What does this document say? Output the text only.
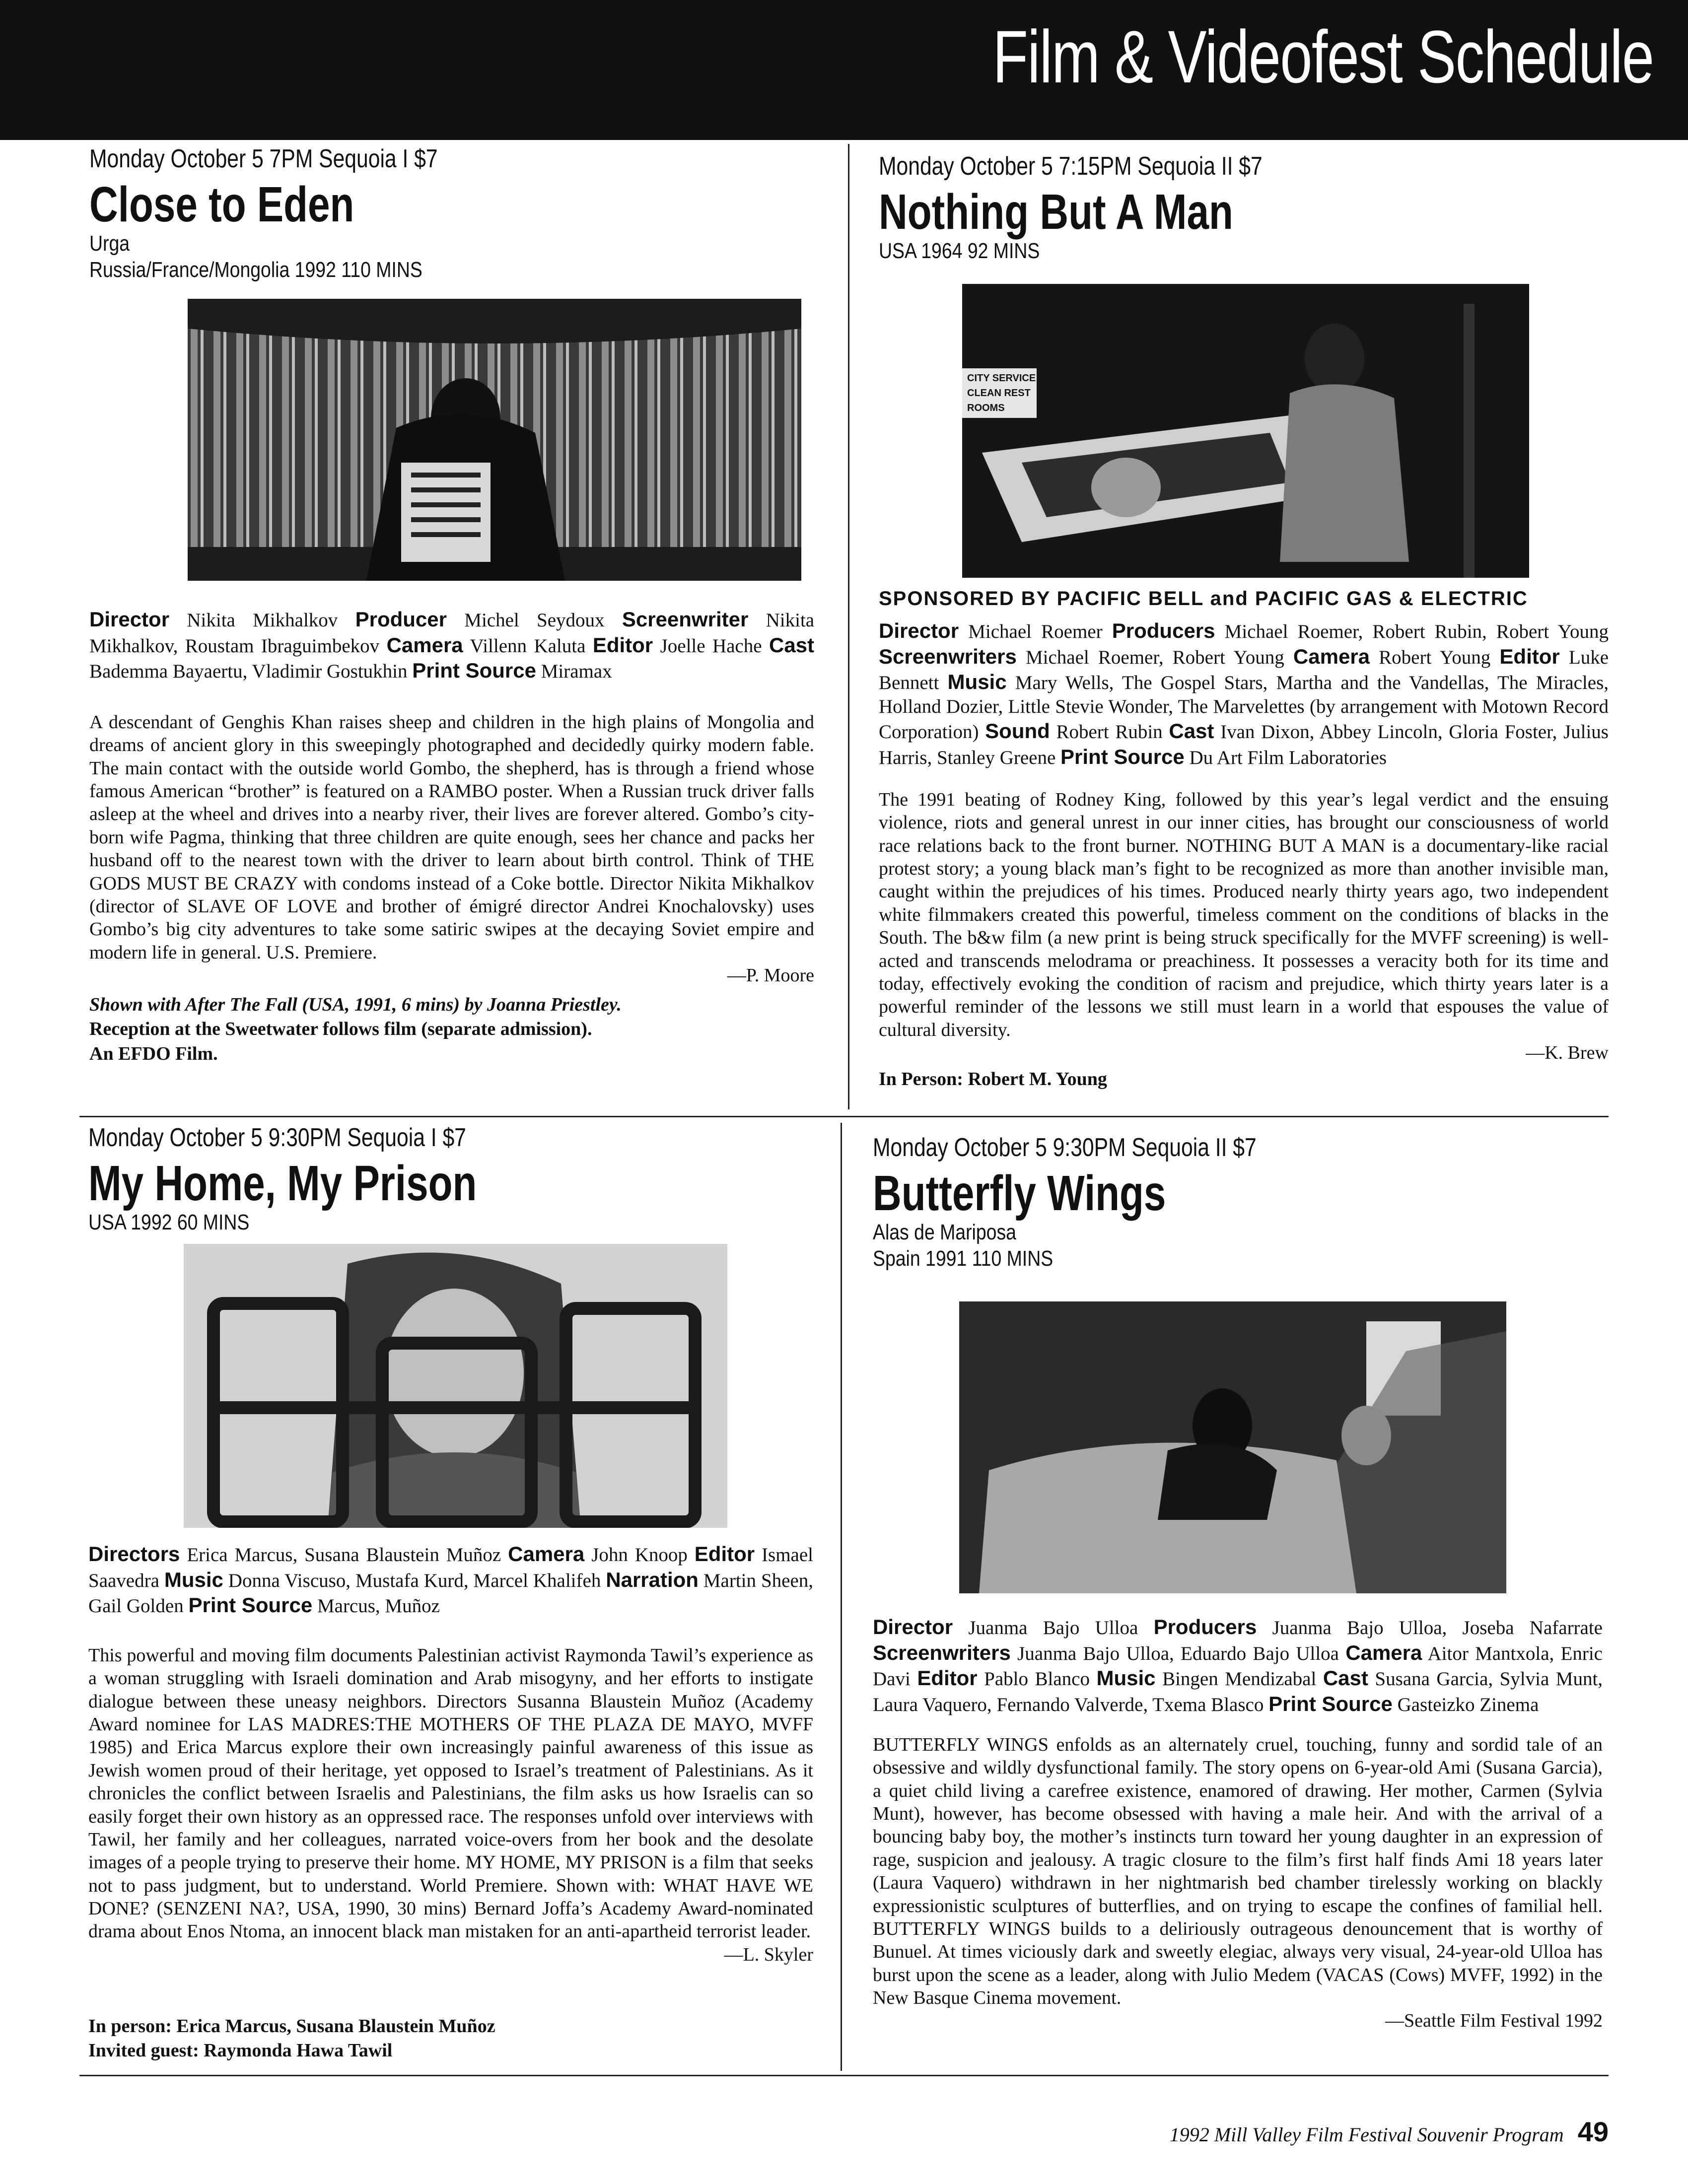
Film & Videofest Schedule
Monday October 5 7PM Sequoia I $7
Close to Eden
Urga
Russia/France/Mongolia 1992 110 MINS
Director Nikita Mikhalkov Producer Michel Seydoux Screenwriter Nikita Mikhalkov, Roustam Ibraguimbekov Camera Villenn Kaluta Editor Joelle Hache Cast Bademma Bayaertu, Vladimir Gostukhin Print Source Miramax
A descendant of Genghis Khan raises sheep and children in the high plains of Mongolia and dreams of ancient glory in this sweepingly photographed and decidedly quirky modern fable. The main contact with the outside world Gombo, the shepherd, has is through a friend whose famous American “brother” is featured on a RAMBO poster. When a Russian truck driver falls asleep at the wheel and drives into a nearby river, their lives are forever altered. Gombo’s city-born wife Pagma, thinking that three children are quite enough, sees her chance and packs her husband off to the nearest town with the driver to learn about birth control. Think of THE GODS MUST BE CRAZY with condoms instead of a Coke bottle. Director Nikita Mikhalkov (director of SLAVE OF LOVE and brother of émigré director Andrei Knochalovsky) uses Gombo’s big city adventures to take some satiric swipes at the decaying Soviet empire and modern life in general. U.S. Premiere.
—P. Moore
Shown with After The Fall (USA, 1991, 6 mins) by Joanna Priestley.
Reception at the Sweetwater follows film (separate admission).
An EFDO Film.
Monday October 5 7:15PM Sequoia II $7
Nothing But A Man
USA 1964 92 MINS
CITY SERVICE CLEAN REST ROOMS
SPONSORED BY PACIFIC BELL and PACIFIC GAS & ELECTRIC
Director Michael Roemer Producers Michael Roemer, Robert Rubin, Robert Young Screenwriters Michael Roemer, Robert Young Camera Robert Young Editor Luke Bennett Music Mary Wells, The Gospel Stars, Martha and the Vandellas, The Miracles, Holland Dozier, Little Stevie Wonder, The Marvelettes (by arrangement with Motown Record Corporation) Sound Robert Rubin Cast Ivan Dixon, Abbey Lincoln, Gloria Foster, Julius Harris, Stanley Greene Print Source Du Art Film Laboratories
The 1991 beating of Rodney King, followed by this year’s legal verdict and the ensuing violence, riots and general unrest in our inner cities, has brought our consciousness of world race relations back to the front burner. NOTHING BUT A MAN is a documentary-like racial protest story; a young black man’s fight to be recognized as more than another invisible man, caught within the prejudices of his times. Produced nearly thirty years ago, two independent white filmmakers created this powerful, timeless comment on the conditions of blacks in the South. The b&w film (a new print is being struck specifically for the MVFF screening) is well-acted and transcends melodrama or preachiness. It possesses a veracity both for its time and today, effectively evoking the condition of racism and prejudice, which thirty years later is a powerful reminder of the lessons we still must learn in a world that espouses the value of cultural diversity.
—K. Brew
In Person: Robert M. Young
Monday October 5 9:30PM Sequoia I $7
My Home, My Prison
USA 1992 60 MINS
Directors Erica Marcus, Susana Blaustein Muñoz Camera John Knoop Editor Ismael Saavedra Music Donna Viscuso, Mustafa Kurd, Marcel Khalifeh Narration Martin Sheen, Gail Golden Print Source Marcus, Muñoz
This powerful and moving film documents Palestinian activist Raymonda Tawil’s experience as a woman struggling with Israeli domination and Arab misogyny, and her efforts to instigate dialogue between these uneasy neighbors. Directors Susanna Blaustein Muñoz (Academy Award nominee for LAS MADRES:THE MOTHERS OF THE PLAZA DE MAYO, MVFF 1985) and Erica Marcus explore their own increasingly painful awareness of this issue as Jewish women proud of their heritage, yet opposed to Israel’s treatment of Palestinians. As it chronicles the conflict between Israelis and Palestinians, the film asks us how Israelis can so easily forget their own history as an oppressed race. The responses unfold over interviews with Tawil, her family and her colleagues, narrated voice-overs from her book and the desolate images of a people trying to preserve their home. MY HOME, MY PRISON is a film that seeks not to pass judgment, but to understand. World Premiere. Shown with: WHAT HAVE WE DONE? (SENZENI NA?, USA, 1990, 30 mins) Bernard Joffa’s Academy Award-nominated drama about Enos Ntoma, an innocent black man mistaken for an anti-apartheid terrorist leader.
—L. Skyler
In person: Erica Marcus, Susana Blaustein Muñoz
Invited guest: Raymonda Hawa Tawil
Monday October 5 9:30PM Sequoia II $7
Butterfly Wings
Alas de Mariposa
Spain 1991 110 MINS
Director Juanma Bajo Ulloa Producers Juanma Bajo Ulloa, Joseba Nafarrate Screenwriters Juanma Bajo Ulloa, Eduardo Bajo Ulloa Camera Aitor Mantxola, Enric Davi Editor Pablo Blanco Music Bingen Mendizabal Cast Susana Garcia, Sylvia Munt, Laura Vaquero, Fernando Valverde, Txema Blasco Print Source Gasteizko Zinema
BUTTERFLY WINGS enfolds as an alternately cruel, touching, funny and sordid tale of an obsessive and wildly dysfunctional family. The story opens on 6-year-old Ami (Susana Garcia), a quiet child living a carefree existence, enamored of drawing. Her mother, Carmen (Sylvia Munt), however, has become obsessed with having a male heir. And with the arrival of a bouncing baby boy, the mother’s instincts turn toward her young daughter in an expression of rage, suspicion and jealousy. A tragic closure to the film’s first half finds Ami 18 years later (Laura Vaquero) withdrawn in her nightmarish bed chamber tirelessly working on blackly expressionistic sculptures of butterflies, and on trying to escape the confines of familial hell. BUTTERFLY WINGS builds to a deliriously outrageous denouncement that is worthy of Bunuel. At times viciously dark and sweetly elegiac, always very visual, 24-year-old Ulloa has burst upon the scene as a leader, along with Julio Medem (VACAS (Cows) MVFF, 1992) in the New Basque Cinema movement.
—Seattle Film Festival 1992
1992 Mill Valley Film Festival Souvenir Program 49
